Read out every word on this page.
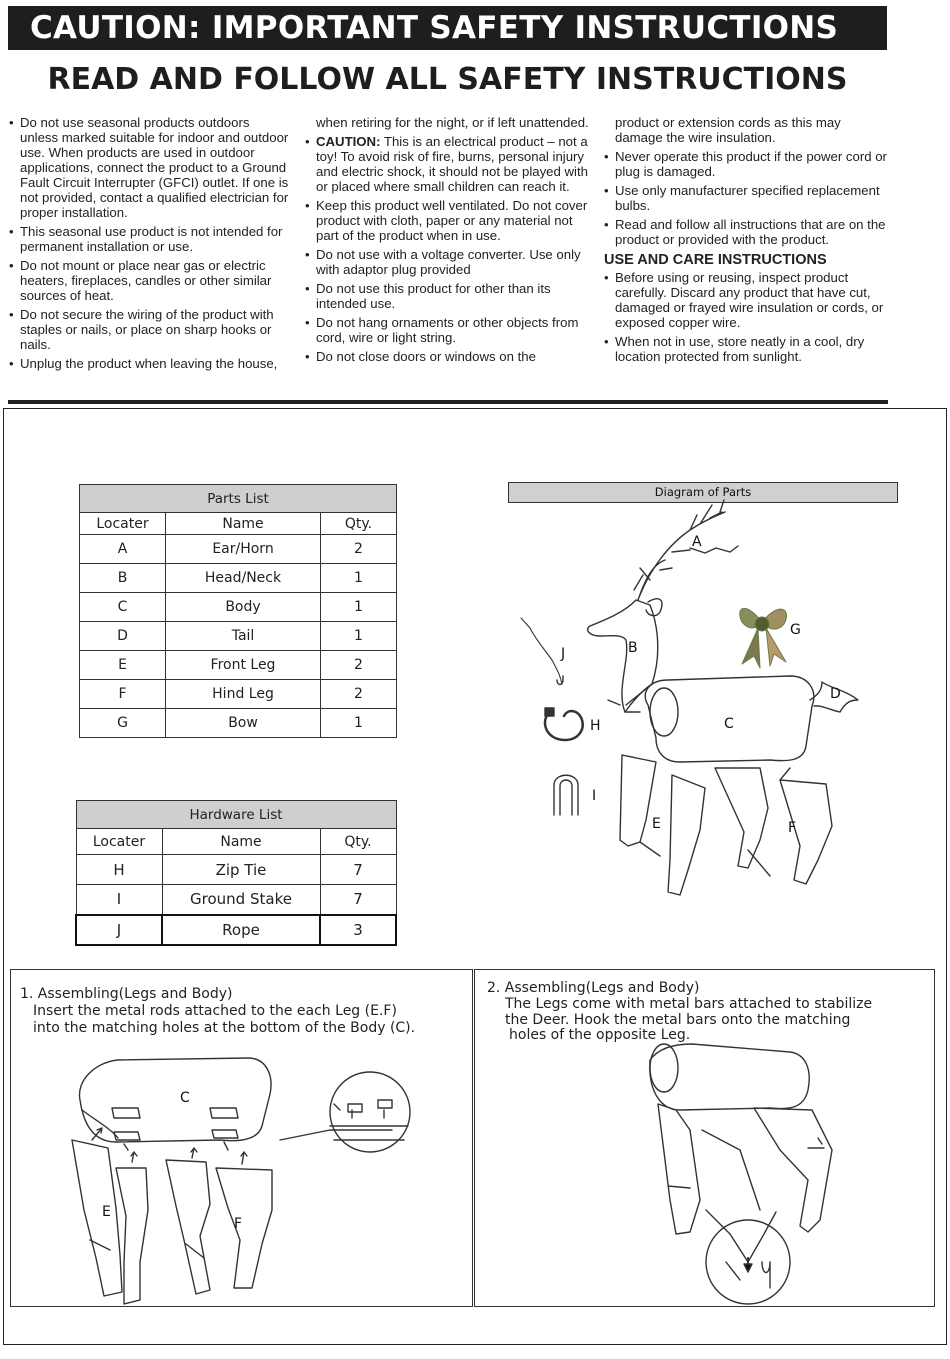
CAUTION: IMPORTANT SAFETY INSTRUCTIONS
READ AND FOLLOW ALL SAFETY INSTRUCTIONS
• Do not use seasonal products outdoors unless marked suitable for indoor and outdoor use. When products are used in outdoor applications, connect the product to a Ground Fault Circuit Interrupter (GFCI) outlet. If one is not provided, contact a qualified electrician for proper installation.
• This seasonal use product is not intended for permanent installation or use.
• Do not mount or place near gas or electric heaters, fireplaces, candles or other similar sources of heat.
• Do not secure the wiring of the product with staples or nails, or place on sharp hooks or nails.
• Unplug the product when leaving the house,
when retiring for the night, or if left unattended.
• CAUTION: This is an electrical product – not a toy! To avoid risk of fire, burns, personal injury and electric shock, it should not be played with or placed where small children can reach it.
• Keep this product well ventilated. Do not cover product with cloth, paper or any material not part of the product when in use.
• Do not use with a voltage converter. Use only with adaptor plug provided
• Do not use this product for other than its intended use.
• Do not hang ornaments or other objects from cord, wire or light string.
• Do not close doors or windows on the
product or extension cords as this may damage the wire insulation.
• Never operate this product if the power cord or plug is damaged.
• Use only manufacturer specified replacement bulbs.
• Read and follow all instructions that are on the product or provided with the product.
USE AND CARE INSTRUCTIONS
• Before using or reusing, inspect product carefully. Discard any product that have cut, damaged or frayed wire insulation or cords, or exposed copper wire.
• When not in use, store neatly in a cool, dry location protected from sunlight.
Parts List		
Locater	Name	Qty.
A	Ear/Horn	2
B	Head/Neck	1
C	Body	1
D	Tail	1
E	Front Leg	2
F	Hind Leg	2
G	Bow	1
Hardware List		
Locater	Name	Qty.
H	Zip Tie	7
I	Ground Stake	7
J	Rope	3
Diagram of Parts
A
B
C
D
E	F
G
H
I
J
C
E
F
1. Assembling(Legs and Body)
Insert the metal rods attached to the each Leg (E.F)
into the matching holes at the bottom of the Body (C).
2. Assembling(Legs and Body)
The Legs come with metal bars attached to stabilize
the Deer. Hook the metal bars onto the matching
holes of the opposite Leg.
